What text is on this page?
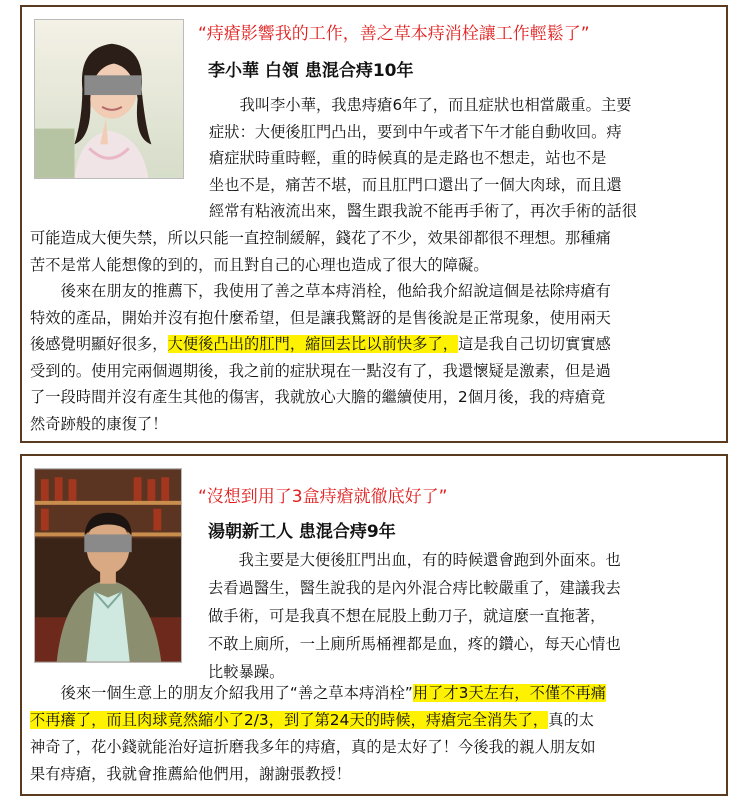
“痔瘡影響我的工作，善之草本痔消栓讓工作輕鬆了”
李小華 白領 患混合痔10年
　　我叫李小華，我患痔瘡6年了，而且症狀也相當嚴重。主要
症狀：大便後肛門凸出，要到中午或者下午才能自動收回。痔
瘡症狀時重時輕，重的時候真的是走路也不想走，站也不是
坐也不是，痛苦不堪，而且肛門口還出了一個大肉球，而且還
經常有粘液流出來，醫生跟我說不能再手術了，再次手術的話很
可能造成大便失禁，所以只能一直控制緩解，錢花了不少，效果卻都很不理想。那種痛
苦不是常人能想像的到的，而且對自己的心理也造成了很大的障礙。
　　後來在朋友的推薦下，我使用了善之草本痔消栓，他給我介紹說這個是祛除痔瘡有
特效的產品，開始并沒有抱什麼希望，但是讓我驚訝的是售後說是正常現象，使用兩天
後感覺明顯好很多，大便後凸出的肛門，縮回去比以前快多了，這是我自己切切實實感
受到的。使用完兩個週期後，我之前的症狀現在一點沒有了，我還懷疑是激素，但是過
了一段時間并沒有產生其他的傷害，我就放心大膽的繼續使用，2個月後，我的痔瘡竟
然奇跡般的康復了！
“沒想到用了3盒痔瘡就徹底好了”
湯朝新工人 患混合痔9年
　　我主要是大便後肛門出血，有的時候還會跑到外面來。也
去看過醫生，醫生說我的是內外混合痔比較嚴重了，建議我去
做手術，可是我真不想在屁股上動刀子，就這麼一直拖著，
不敢上廁所，一上廁所馬桶裡都是血，疼的鑽心，每天心情也
比較暴躁。
　　後來一個生意上的朋友介紹我用了“善之草本痔消栓”用了才3天左右，不僅不再痛
不再癢了，而且肉球竟然縮小了2/3，到了第24天的時候，痔瘡完全消失了，真的太
神奇了，花小錢就能治好這折磨我多年的痔瘡，真的是太好了！今後我的親人朋友如
果有痔瘡，我就會推薦給他們用，謝謝張教授！
